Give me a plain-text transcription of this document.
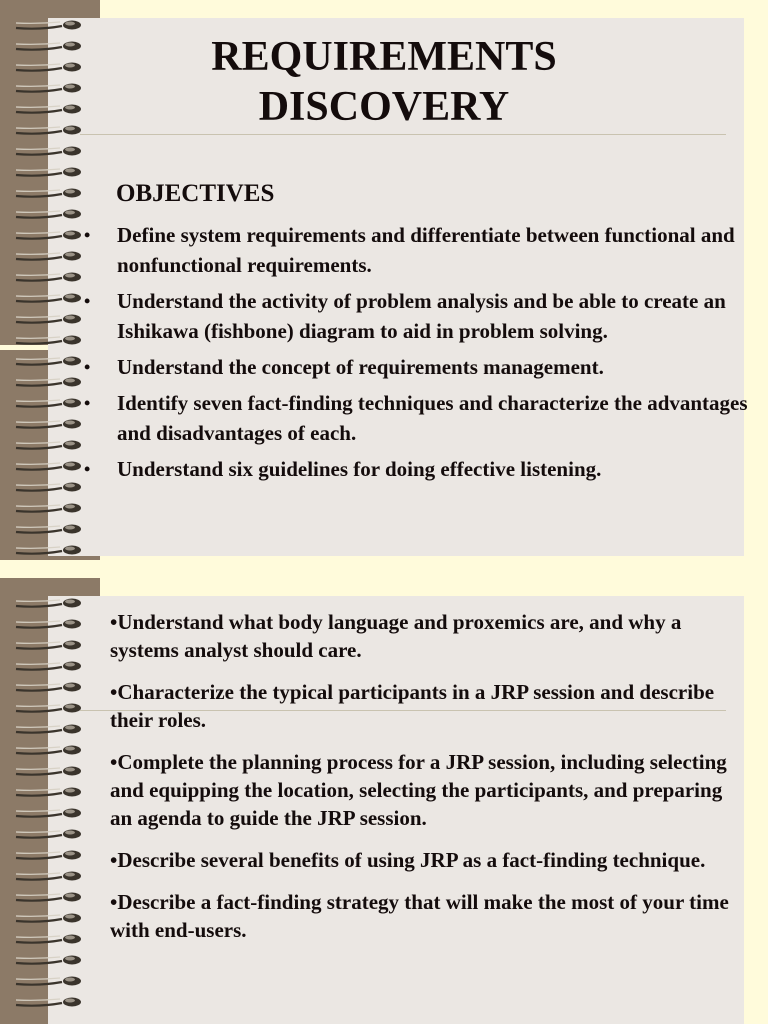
REQUIREMENTS
DISCOVERY
OBJECTIVES
• Define system requirements and differentiate between functional and nonfunctional requirements.
• Understand the activity of problem analysis and be able to create an Ishikawa (fishbone) diagram to aid in problem solving.
• Understand the concept of requirements management.
• Identify seven fact-finding techniques and characterize the advantages and disadvantages of each.
• Understand six guidelines for doing effective listening.
•Understand what body language and proxemics are, and why a systems analyst should care.
•Characterize the typical participants in a JRP session and describe their roles.
•Complete the planning process for a JRP session, including selecting and equipping the location, selecting the participants, and preparing an agenda to guide the JRP session.
•Describe several benefits of using JRP as a fact-finding technique.
•Describe a fact-finding strategy that will make the most of your time with end-users.
